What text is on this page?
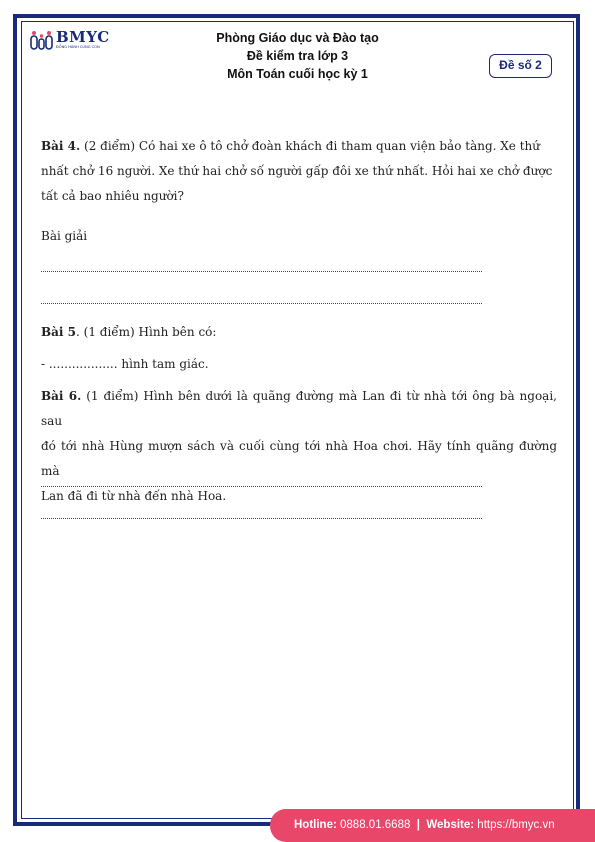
BMYC
ĐỒNG HÀNH CÙNG CON
Phòng Giáo dục và Đào tạo
Đề kiểm tra lớp 3
Môn Toán cuối học kỳ 1
Đề số 2
Bài 4. (2 điểm) Có hai xe ô tô chở đoàn khách đi tham quan viện bảo tàng. Xe thứ
nhất chở 16 người. Xe thứ hai chở số người gấp đôi xe thứ nhất. Hỏi hai xe chở được
tất cả bao nhiêu người?
Bài giải
Bài 5. (1 điểm) Hình bên có:
- .................. hình tam giác.
Bài 6. (1 điểm) Hình bên dưới là quãng đường mà Lan đi từ nhà tới ông bà ngoại, sau
đó tới nhà Hùng mượn sách và cuối cùng tới nhà Hoa chơi. Hãy tính quãng đường mà
Lan đã đi từ nhà đến nhà Hoa.
Hotline: 0888.01.6688 | Website: https://bmyc.vn
